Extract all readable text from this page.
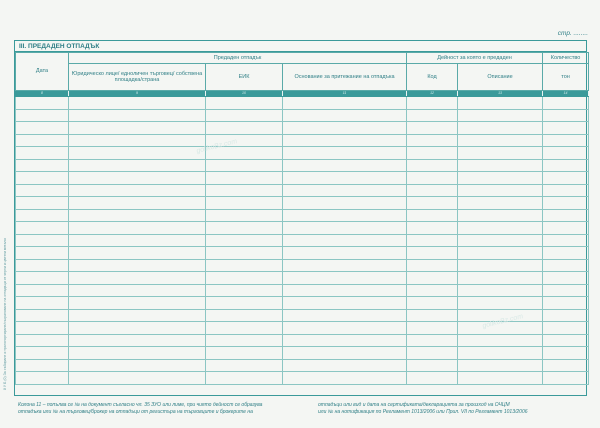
стр. ........
8 У Б (0) За събиране и транспортиране/съхраняване на отпадъци от черни и цветни метали
III. ПРЕДАДЕН ОТПАДЪК
Дата	Предаден отпадък			Дейност за която е предаден		Количество
	Юридическо лице/ едноличен търговец/ собствена площадка/страна	ЕИК	Основание за притежание на отпадъка	Код	Описание	тон
8	9	10	11	12	13	14

golikoBz.com
golikoBz.com
Колона 11 – попълва се № на документ съгласно чл. 35 ЗУО или лиме, при чиято дейност се образува
отпадъка или № на търговец/брокер на отпадъци от регистъра на търговците и брокерите на
отпадъци или вид и дата на сертификата/декларацията за произход на ОЧЦМ
или № на нотификация по Регламент 1013/2006 или Прил. VII по Регламент 1013/2006
